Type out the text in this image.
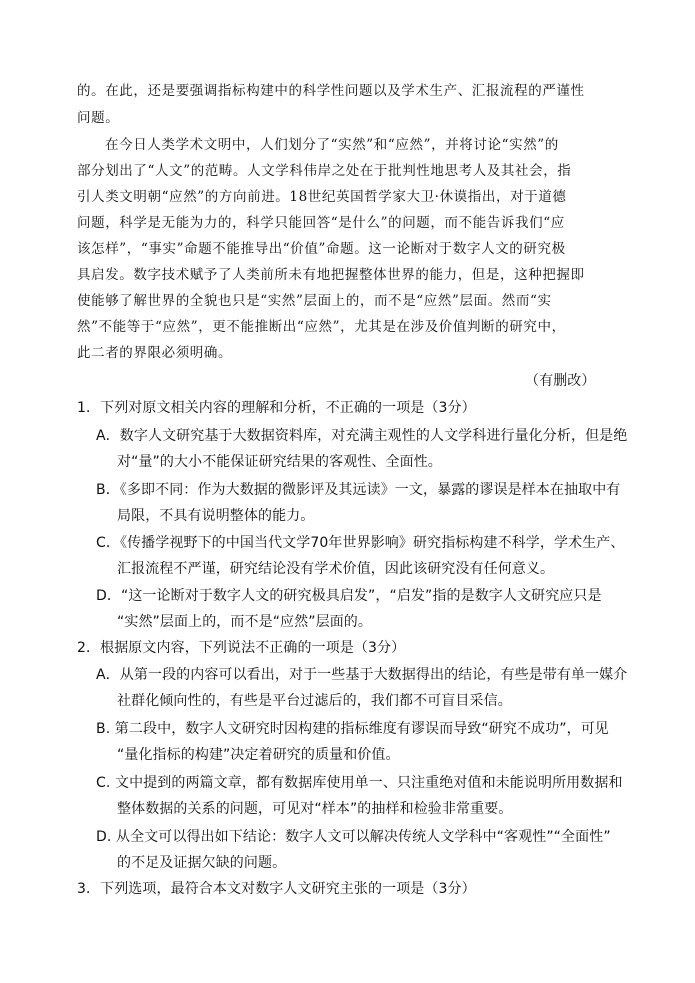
的。在此，还是要强调指标构建中的科学性问题以及学术生产、汇报流程的严谨性
问题。
在今日人类学术文明中，人们划分了“实然”和“应然”，并将讨论“实然”的
部分划出了“人文”的范畴。人文学科伟岸之处在于批判性地思考人及其社会，指
引人类文明朝“应然”的方向前进。18世纪英国哲学家大卫·休谟指出，对于道德
问题，科学是无能为力的，科学只能回答“是什么”的问题，而不能告诉我们“应
该怎样”，“事实”命题不能推导出“价值”命题。这一论断对于数字人文的研究极
具启发。数字技术赋予了人类前所未有地把握整体世界的能力，但是，这种把握即
使能够了解世界的全貌也只是“实然”层面上的，而不是“应然”层面。然而“实
然”不能等于“应然”，更不能推断出“应然”，尤其是在涉及价值判断的研究中，
此二者的界限必须明确。
（有删改）
1．下列对原文相关内容的理解和分析，不正确的一项是（3分）
A．数字人文研究基于大数据资料库，对充满主观性的人文学科进行量化分析，但是绝
对“量”的大小不能保证研究结果的客观性、全面性。
B．《多即不同：作为大数据的微影评及其远读》一文，暴露的谬误是样本在抽取中有
局限，不具有说明整体的能力。
C．《传播学视野下的中国当代文学70年世界影响》研究指标构建不科学，学术生产、
汇报流程不严谨，研究结论没有学术价值，因此该研究没有任何意义。
D．“这一论断对于数字人文的研究极具启发”，“启发”指的是数字人文研究应只是
“实然”层面上的，而不是“应然”层面的。
2．根据原文内容，下列说法不正确的一项是（3分）
A．从第一段的内容可以看出，对于一些基于大数据得出的结论，有些是带有单一媒介
社群化倾向性的，有些是平台过滤后的，我们都不可盲目采信。
B. 第二段中，数字人文研究时因构建的指标维度有谬误而导致“研究不成功”，可见
“量化指标的构建”决定着研究的质量和价值。
C. 文中提到的两篇文章，都有数据库使用单一、只注重绝对值和未能说明所用数据和
整体数据的关系的问题，可见对“样本”的抽样和检验非常重要。
D. 从全文可以得出如下结论：数字人文可以解决传统人文学科中“客观性”“全面性”
的不足及证据欠缺的问题。
3．下列选项，最符合本文对数字人文研究主张的一项是（3分）
